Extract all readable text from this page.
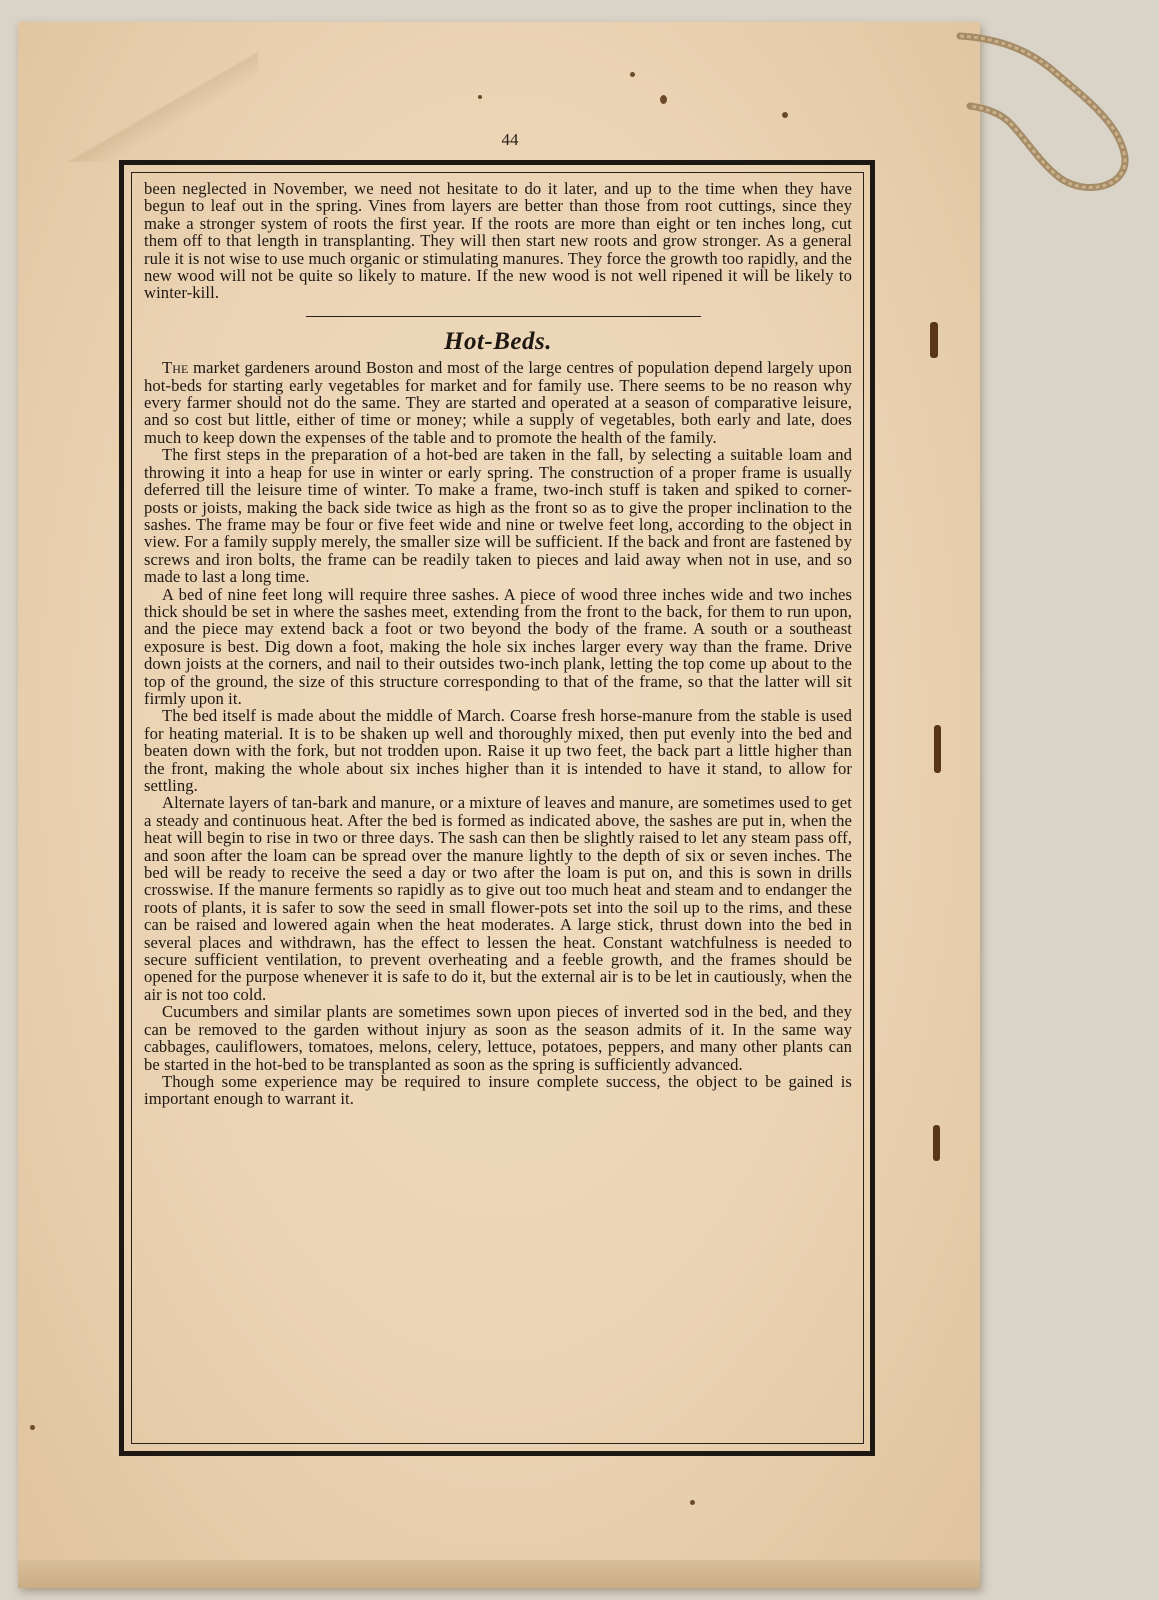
44

been neglected in November, we need not hesitate to do it later, and up to the time when they have begun to leaf out in the spring. Vines from layers are better than those from root cuttings, since they make a stronger system of roots the first year. If the roots are more than eight or ten inches long, cut them off to that length in transplanting. They will then start new roots and grow stronger. As a general rule it is not wise to use much organic or stimulating manures. They force the growth too rapidly, and the new wood will not be quite so likely to mature. If the new wood is not well ripened it will be likely to winter-kill.

Hot-Beds.

The market gardeners around Boston and most of the large centres of population depend largely upon hot-beds for starting early vegetables for market and for family use. There seems to be no reason why every farmer should not do the same. They are started and operated at a season of comparative leisure, and so cost but little, either of time or money; while a supply of vegetables, both early and late, does much to keep down the expenses of the table and to promote the health of the family.

The first steps in the preparation of a hot-bed are taken in the fall, by selecting a suitable loam and throwing it into a heap for use in winter or early spring. The construction of a proper frame is usually deferred till the leisure time of winter. To make a frame, two-inch stuff is taken and spiked to corner-posts or joists, making the back side twice as high as the front so as to give the proper inclination to the sashes. The frame may be four or five feet wide and nine or twelve feet long, according to the object in view. For a family supply merely, the smaller size will be sufficient. If the back and front are fastened by screws and iron bolts, the frame can be readily taken to pieces and laid away when not in use, and so made to last a long time.

A bed of nine feet long will require three sashes. A piece of wood three inches wide and two inches thick should be set in where the sashes meet, extending from the front to the back, for them to run upon, and the piece may extend back a foot or two beyond the body of the frame. A south or a southeast exposure is best. Dig down a foot, making the hole six inches larger every way than the frame. Drive down joists at the corners, and nail to their outsides two-inch plank, letting the top come up about to the top of the ground, the size of this structure corresponding to that of the frame, so that the latter will sit firmly upon it.

The bed itself is made about the middle of March. Coarse fresh horse-manure from the stable is used for heating material. It is to be shaken up well and thoroughly mixed, then put evenly into the bed and beaten down with the fork, but not trodden upon. Raise it up two feet, the back part a little higher than the front, making the whole about six inches higher than it is intended to have it stand, to allow for settling.

Alternate layers of tan-bark and manure, or a mixture of leaves and manure, are sometimes used to get a steady and continuous heat. After the bed is formed as indicated above, the sashes are put in, when the heat will begin to rise in two or three days. The sash can then be slightly raised to let any steam pass off, and soon after the loam can be spread over the manure lightly to the depth of six or seven inches. The bed will be ready to receive the seed a day or two after the loam is put on, and this is sown in drills crosswise. If the manure ferments so rapidly as to give out too much heat and steam and to endanger the roots of plants, it is safer to sow the seed in small flower-pots set into the soil up to the rims, and these can be raised and lowered again when the heat moderates. A large stick, thrust down into the bed in several places and withdrawn, has the effect to lessen the heat. Constant watchfulness is needed to secure sufficient ventilation, to prevent overheating and a feeble growth, and the frames should be opened for the purpose whenever it is safe to do it, but the external air is to be let in cautiously, when the air is not too cold.

Cucumbers and similar plants are sometimes sown upon pieces of inverted sod in the bed, and they can be removed to the garden without injury as soon as the season admits of it. In the same way cabbages, cauliflowers, tomatoes, melons, celery, lettuce, potatoes, peppers, and many other plants can be started in the hot-bed to be transplanted as soon as the spring is sufficiently advanced.

Though some experience may be required to insure complete success, the object to be gained is important enough to warrant it.
